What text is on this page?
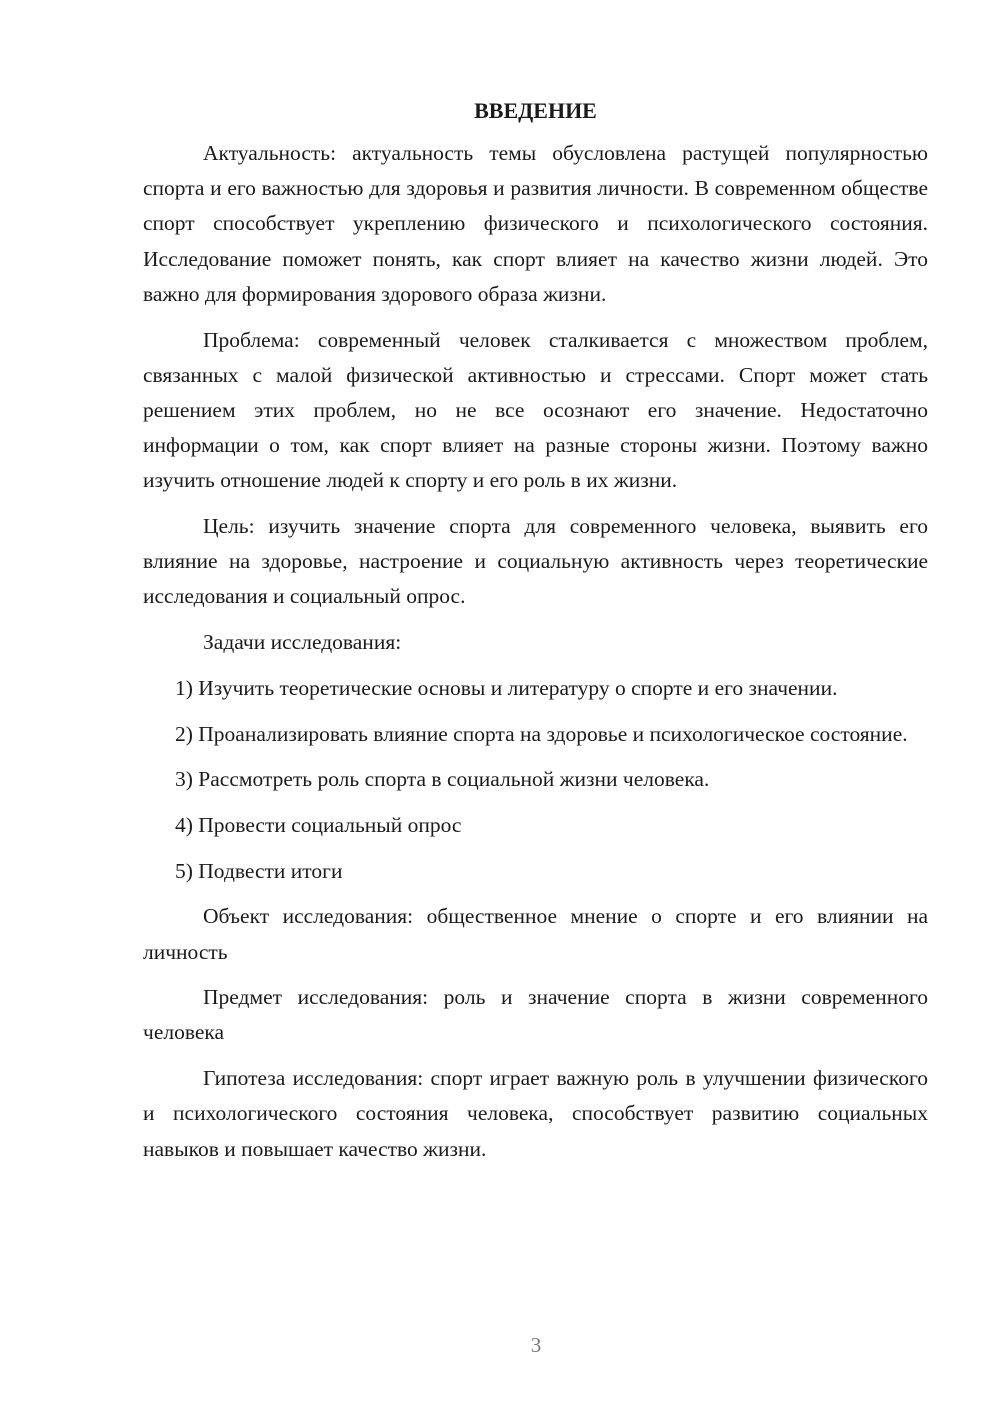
ВВЕДЕНИЕ

Актуальность: актуальность темы обусловлена растущей популярностью спорта и его важностью для здоровья и развития личности. В современном обществе спорт способствует укреплению физического и психологического состояния. Исследование поможет понять, как спорт влияет на качество жизни людей. Это важно для формирования здорового образа жизни.

Проблема: современный человек сталкивается с множеством проблем, связанных с малой физической активностью и стрессами. Спорт может стать решением этих проблем, но не все осознают его значение. Недостаточно информации о том, как спорт влияет на разные стороны жизни. Поэтому важно изучить отношение людей к спорту и его роль в их жизни.

Цель: изучить значение спорта для современного человека, выявить его влияние на здоровье, настроение и социальную активность через теоретические исследования и социальный опрос.

Задачи исследования:

1) Изучить теоретические основы и литературу о спорте и его значении.

2) Проанализировать влияние спорта на здоровье и психологическое состояние.

3) Рассмотреть роль спорта в социальной жизни человека.

4) Провести социальный опрос

5) Подвести итоги

Объект исследования: общественное мнение о спорте и его влиянии на личность

Предмет исследования: роль и значение спорта в жизни современного человека

Гипотеза исследования: спорт играет важную роль в улучшении физического и психологического состояния человека, способствует развитию социальных навыков и повышает качество жизни.

3
